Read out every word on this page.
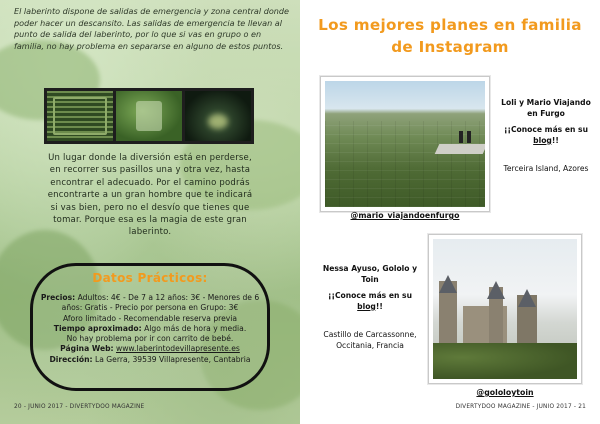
El laberinto dispone de salidas de emergencia y zona central donde poder hacer un descansito. Las salidas de emergencia te llevan al punto de salida del laberinto, por lo que si vas en grupo o en familia, no hay problema en separarse en alguno de estos puntos.

Un lugar donde la diversión está en perderse, en recorrer sus pasillos una y otra vez, hasta encontrar el adecuado. Por el camino podrás encontrarte a un gran hombre que te indicará si vas bien, pero no el desvío que tienes que tomar. Porque esa es la magia de este gran laberinto.

Datos Prácticos:
Precios: Adultos: 4€ - De 7 a 12 años: 3€ - Menores de 6 años: Gratis - Precio por persona en Grupo: 3€
Aforo limitado - Recomendable reserva previa
Tiempo aproximado: Algo más de hora y media.
No hay problema por ir con carrito de bebé.
Página Web: www.laberintodevillapresente.es
Dirección: La Gerra, 39539 Villapresente, Cantabria
20 - JUNIO 2017 - DIVERTYDOO MAGAZINE
Los mejores planes en familia
de Instagram
@mario_viajandoenfurgo
Loli y Mario Viajando en Furgo
¡¡Conoce más en su blog!!
Terceira Island, Azores
@gololoytoin
Nessa Ayuso, Gololo y Toin
¡¡Conoce más en su blog!!
Castillo de Carcassonne, Occitania, Francia
DIVERTYDOO MAGAZINE - JUNIO 2017 - 21
